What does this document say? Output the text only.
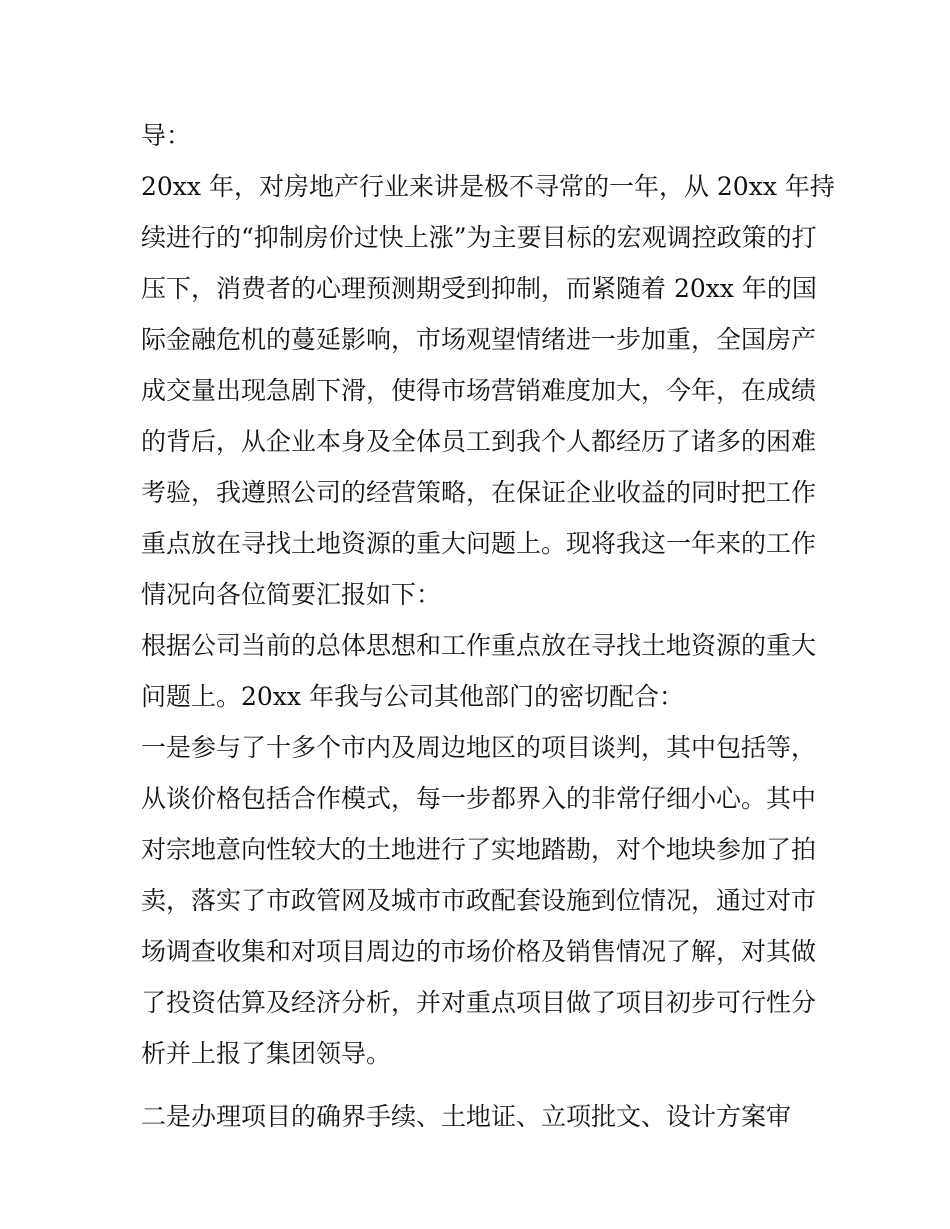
导：
20xx 年，对房地产行业来讲是极不寻常的一年，从 20xx 年持
续进行的“抑制房价过快上涨”为主要目标的宏观调控政策的打
压下，消费者的心理预测期受到抑制，而紧随着 20xx 年的国
际金融危机的蔓延影响，市场观望情绪进一步加重，全国房产
成交量出现急剧下滑，使得市场营销难度加大，今年，在成绩
的背后，从企业本身及全体员工到我个人都经历了诸多的困难
考验，我遵照公司的经营策略，在保证企业收益的同时把工作
重点放在寻找土地资源的重大问题上。现将我这一年来的工作
情况向各位简要汇报如下：
根据公司当前的总体思想和工作重点放在寻找土地资源的重大
问题上。20xx 年我与公司其他部门的密切配合：
一是参与了十多个市内及周边地区的项目谈判，其中包括等，
从谈价格包括合作模式，每一步都界入的非常仔细小心。其中
对宗地意向性较大的土地进行了实地踏勘，对个地块参加了拍
卖，落实了市政管网及城市市政配套设施到位情况，通过对市
场调查收集和对项目周边的市场价格及销售情况了解，对其做
了投资估算及经济分析，并对重点项目做了项目初步可行性分
析并上报了集团领导。
二是办理项目的确界手续、土地证、立项批文、设计方案审
